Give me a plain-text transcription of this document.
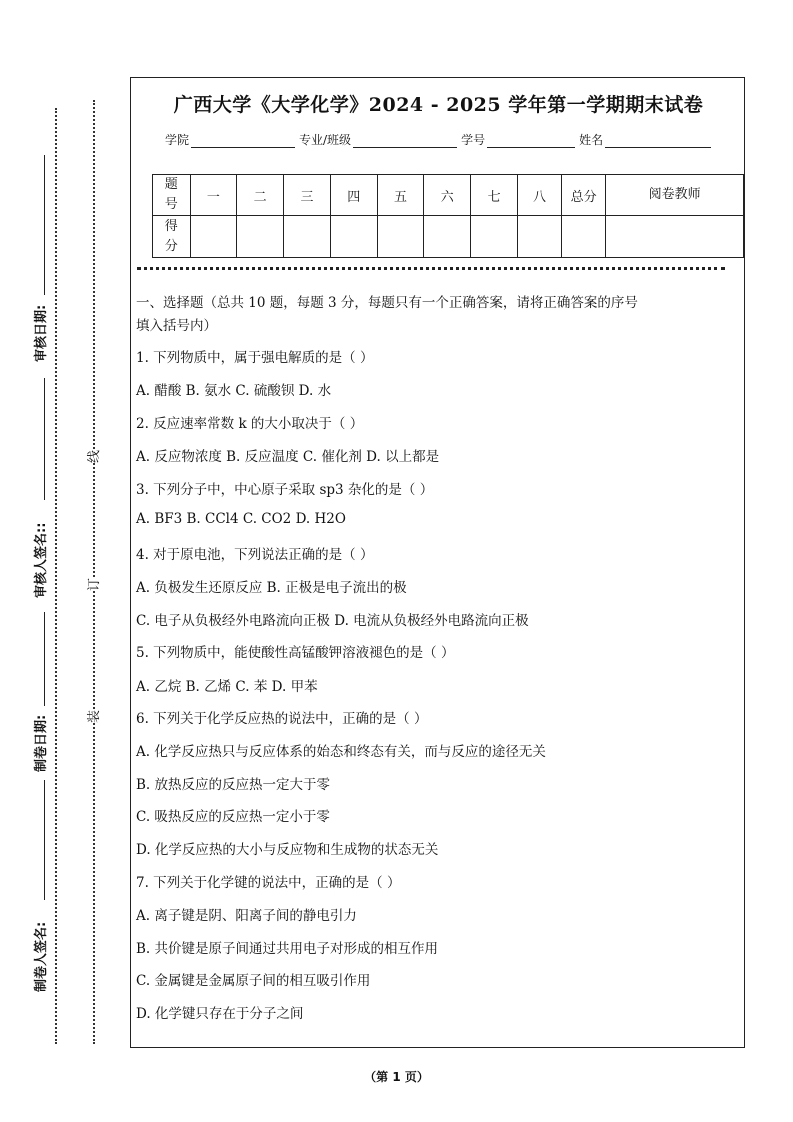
审核日期:
审核人签名::
制卷日期:
制卷人签名:
线
订
装
广西大学《大学化学》2024 - 2025 学年第一学期期末试卷
学院	专业/班级	学号	姓名
题号	一	二	三	四	五	六	七	八	总分	阅卷教师
得分										
一、选择题（总共 10 题，每题 3 分，每题只有一个正确答案，请将正确答案的序号
填入括号内）
1. 下列物质中，属于强电解质的是（ ）
A. 醋酸 B. 氨水 C. 硫酸钡 D. 水
2. 反应速率常数 k 的大小取决于（ ）
A. 反应物浓度 B. 反应温度 C. 催化剂 D. 以上都是
3. 下列分子中，中心原子采取 sp3 杂化的是（ ）
A. BF3 B. CCl4 C. CO2 D. H2O
4. 对于原电池，下列说法正确的是（ ）
A. 负极发生还原反应 B. 正极是电子流出的极
C. 电子从负极经外电路流向正极 D. 电流从负极经外电路流向正极
5. 下列物质中，能使酸性高锰酸钾溶液褪色的是（ ）
A. 乙烷 B. 乙烯 C. 苯 D. 甲苯
6. 下列关于化学反应热的说法中，正确的是（ ）
A. 化学反应热只与反应体系的始态和终态有关，而与反应的途径无关
B. 放热反应的反应热一定大于零
C. 吸热反应的反应热一定小于零
D. 化学反应热的大小与反应物和生成物的状态无关
7. 下列关于化学键的说法中，正确的是（ ）
A. 离子键是阴、阳离子间的静电引力
B. 共价键是原子间通过共用电子对形成的相互作用
C. 金属键是金属原子间的相互吸引作用
D. 化学键只存在于分子之间
（第 1 页）
